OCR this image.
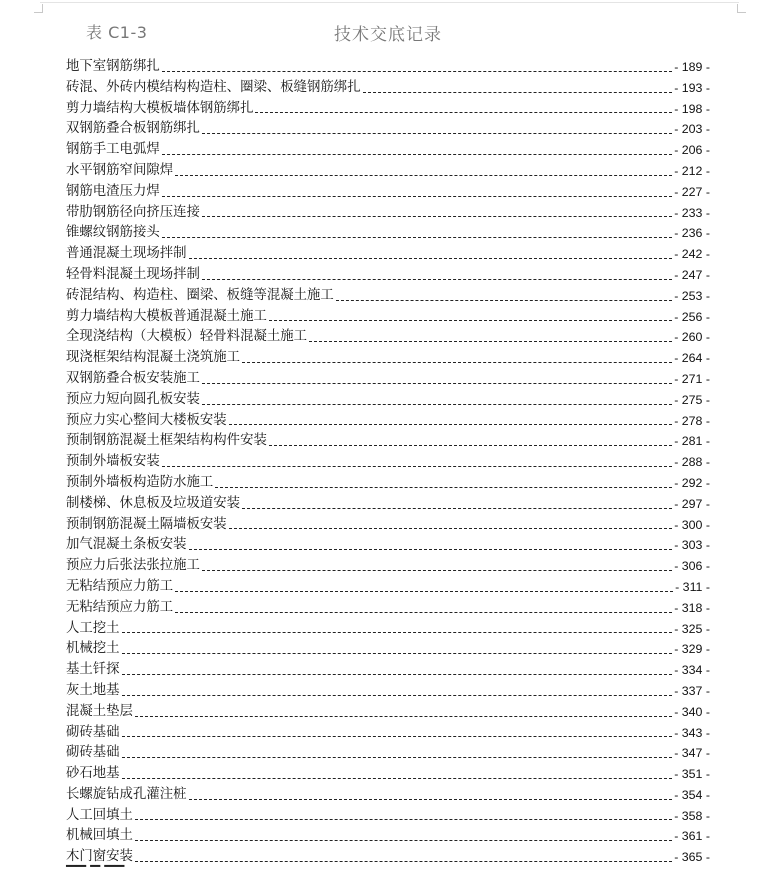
表 C1-3	技术交底记录
地下室钢筋绑扎	- 189 -
砖混、外砖内模结构构造柱、圈梁、板缝钢筋绑扎	- 193 -
剪力墙结构大模板墙体钢筋绑扎	- 198 -
双钢筋叠合板钢筋绑扎	- 203 -
钢筋手工电弧焊	- 206 -
水平钢筋窄间隙焊	- 212 -
钢筋电渣压力焊	- 227 -
带肋钢筋径向挤压连接	- 233 -
锥螺纹钢筋接头	- 236 -
普通混凝土现场拌制	- 242 -
轻骨料混凝土现场拌制	- 247 -
砖混结构、构造柱、圈梁、板缝等混凝土施工	- 253 -
剪力墙结构大模板普通混凝土施工	- 256 -
全现浇结构（大模板）轻骨料混凝土施工	- 260 -
现浇框架结构混凝土浇筑施工	- 264 -
双钢筋叠合板安装施工	- 271 -
预应力短向圆孔板安装	- 275 -
预应力实心整间大楼板安装	- 278 -
预制钢筋混凝土框架结构构件安装	- 281 -
预制外墙板安装	- 288 -
预制外墙板构造防水施工	- 292 -
制楼梯、休息板及垃圾道安装	- 297 -
预制钢筋混凝土隔墙板安装	- 300 -
加气混凝土条板安装	- 303 -
预应力后张法张拉施工	- 306 -
无粘结预应力筋工	- 311 -
无粘结预应力筋工	- 318 -
人工挖土	- 325 -
机械挖土	- 329 -
基土钎探	- 334 -
灰土地基	- 337 -
混凝土垫层	- 340 -
砌砖基础	- 343 -
砌砖基础	- 347 -
砂石地基	- 351 -
长螺旋钻成孔灌注桩	- 354 -
人工回填土	- 358 -
机械回填土	- 361 -
木门窗安装	- 365 -
▔▔ ▔ ▔▔
